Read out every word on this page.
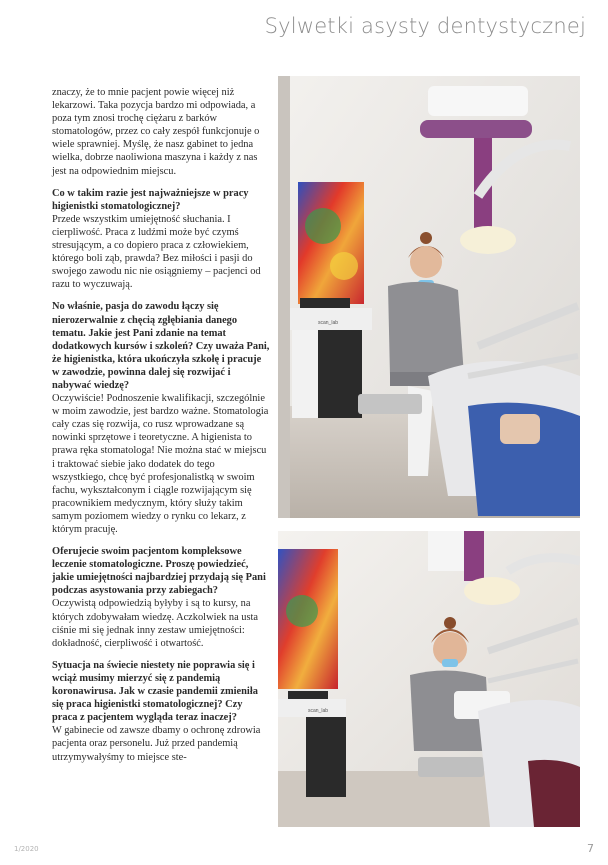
Sylwetki asysty dentystycznej

znaczy, że to mnie pacjent powie więcej niż lekarzowi. Taka pozycja bardzo mi odpowiada, a poza tym znosi trochę ciężaru z barków stomatologów, przez co cały zespół funkcjonuje o wiele sprawniej. Myślę, że nasz gabinet to jedna wielka, dobrze naoliwiona maszyna i każdy z nas jest na odpowiednim miejscu.

Co w takim razie jest najważniejsze w pracy higienistki stomatologicznej?
Przede wszystkim umiejętność słuchania. I cierpliwość. Praca z ludźmi może być czymś stresującym, a co dopiero praca z człowiekiem, którego boli ząb, prawda? Bez miłości i pasji do swojego zawodu nic nie osiągniemy – pacjenci od razu to wyczuwają.

No właśnie, pasja do zawodu łączy się nierozerwalnie z chęcią zgłębiania danego tematu. Jakie jest Pani zdanie na temat dodatkowych kursów i szkoleń? Czy uważa Pani, że higienistka, która ukończyła szkołę i pracuje w zawodzie, powinna dalej się rozwijać i nabywać wiedzę?
Oczywiście! Podnoszenie kwalifikacji, szczególnie w moim zawodzie, jest bardzo ważne. Stomatologia cały czas się rozwija, co rusz wprowadzane są nowinki sprzętowe i teoretyczne. A higienista to prawa ręka stomatologa! Nie można stać w miejscu i traktować siebie jako dodatek do tego wszystkiego, chcę być profesjonalistką w swoim fachu, wykształconym i ciągle rozwijającym się pracownikiem medycznym, który służy takim samym poziomem wiedzy o rynku co lekarz, z którym pracuję.

Oferujecie swoim pacjentom kompleksowe leczenie stomatologiczne. Proszę powiedzieć, jakie umiejętności najbardziej przydają się Pani podczas asystowania przy zabiegach?
Oczywistą odpowiedzią byłyby i są to kursy, na których zdobywałam wiedzę. Aczkolwiek na usta ciśnie mi się jednak inny zestaw umiejętności: dokładność, cierpliwość i otwartość.

Sytuacja na świecie niestety nie poprawia się i wciąż musimy mierzyć się z pandemią koronawirusa. Jak w czasie pandemii zmieniła się praca higienistki stomatologicznej? Czy praca z pacjentem wygląda teraz inaczej?
W gabinecie od zawsze dbamy o ochronę zdrowia pacjenta oraz personelu. Już przed pandemią utrzymywałyśmy to miejsce ste-

scan_lab
scan_lab
1/2020	7
